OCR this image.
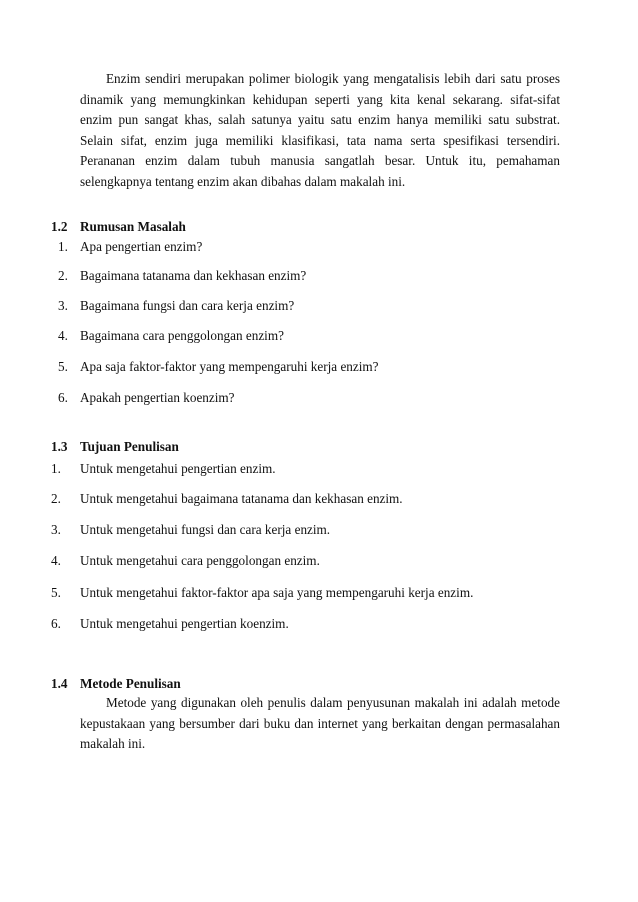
Enzim sendiri merupakan polimer biologik yang mengatalisis lebih dari satu proses dinamik yang memungkinkan kehidupan seperti yang kita kenal sekarang. sifat-sifat enzim pun sangat khas, salah satunya yaitu satu enzim hanya memiliki satu substrat. Selain sifat, enzim juga memiliki klasifikasi, tata nama serta spesifikasi tersendiri. Perananan enzim dalam tubuh manusia sangatlah besar. Untuk itu, pemahaman selengkapnya tentang enzim akan dibahas dalam makalah ini.

1.2 Rumusan Masalah
1. Apa pengertian enzim?
2. Bagaimana tatanama dan kekhasan enzim?
3. Bagaimana fungsi dan cara kerja enzim?
4. Bagaimana cara penggolongan enzim?
5. Apa saja faktor-faktor yang mempengaruhi kerja enzim?
6. Apakah pengertian koenzim?
1.3 Tujuan Penulisan
1. Untuk mengetahui pengertian enzim.
2. Untuk mengetahui bagaimana tatanama dan kekhasan enzim.
3. Untuk mengetahui fungsi dan cara kerja enzim.
4. Untuk mengetahui cara penggolongan enzim.
5. Untuk mengetahui faktor-faktor apa saja yang mempengaruhi kerja enzim.
6. Untuk mengetahui pengertian koenzim.
1.4 Metode Penulisan

Metode yang digunakan oleh penulis dalam penyusunan makalah ini adalah metode kepustakaan yang bersumber dari buku dan internet yang berkaitan dengan permasalahan makalah ini.
